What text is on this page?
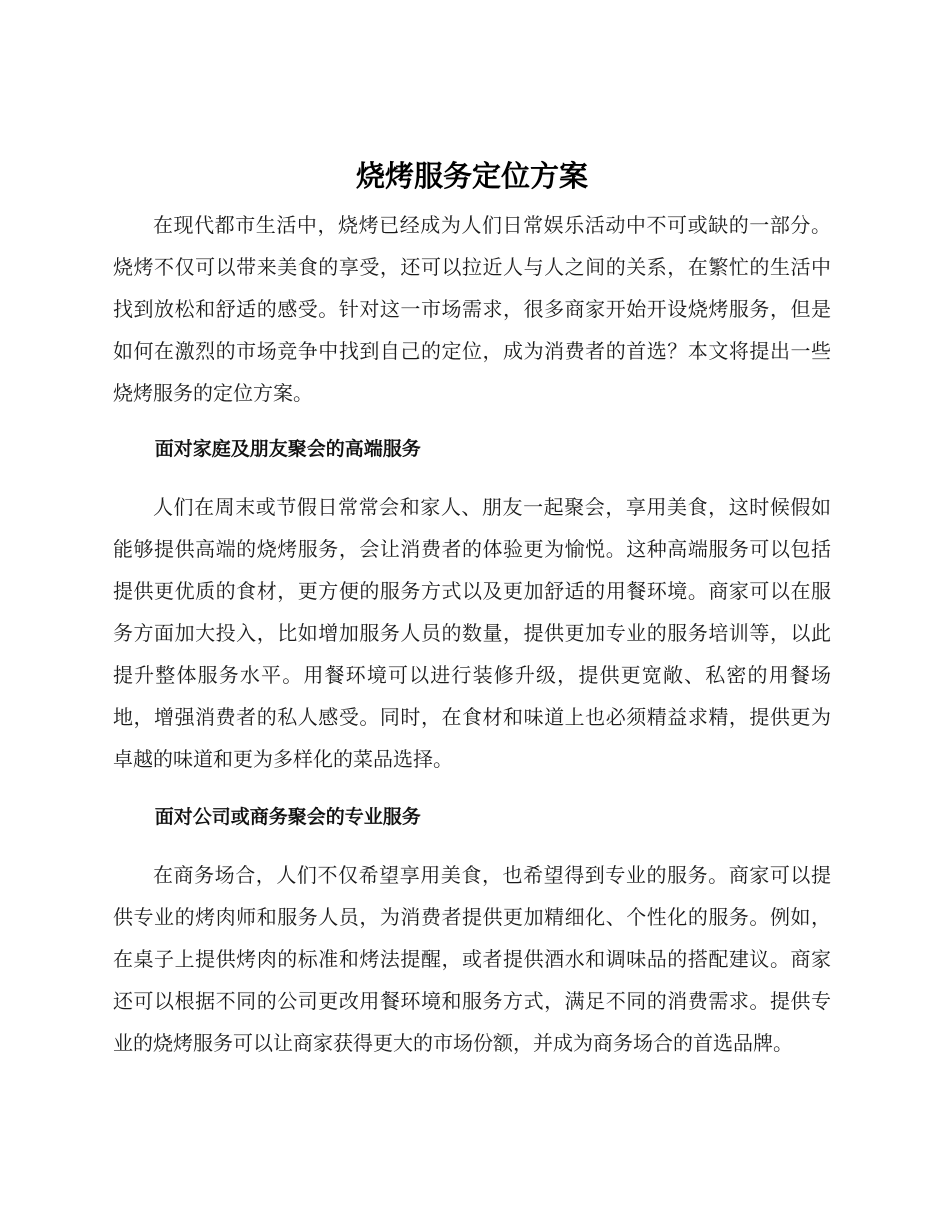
烧烤服务定位方案

在现代都市生活中，烧烤已经成为人们日常娱乐活动中不可或缺的一部分。烧烤不仅可以带来美食的享受，还可以拉近人与人之间的关系，在繁忙的生活中找到放松和舒适的感受。针对这一市场需求，很多商家开始开设烧烤服务，但是如何在激烈的市场竞争中找到自己的定位，成为消费者的首选？本文将提出一些烧烤服务的定位方案。

面对家庭及朋友聚会的高端服务

人们在周末或节假日常常会和家人、朋友一起聚会，享用美食，这时候假如能够提供高端的烧烤服务，会让消费者的体验更为愉悦。这种高端服务可以包括提供更优质的食材，更方便的服务方式以及更加舒适的用餐环境。商家可以在服务方面加大投入，比如增加服务人员的数量，提供更加专业的服务培训等，以此提升整体服务水平。用餐环境可以进行装修升级，提供更宽敞、私密的用餐场地，增强消费者的私人感受。同时，在食材和味道上也必须精益求精，提供更为卓越的味道和更为多样化的菜品选择。

面对公司或商务聚会的专业服务

在商务场合，人们不仅希望享用美食，也希望得到专业的服务。商家可以提供专业的烤肉师和服务人员，为消费者提供更加精细化、个性化的服务。例如，在桌子上提供烤肉的标准和烤法提醒，或者提供酒水和调味品的搭配建议。商家还可以根据不同的公司更改用餐环境和服务方式，满足不同的消费需求。提供专业的烧烤服务可以让商家获得更大的市场份额，并成为商务场合的首选品牌。
